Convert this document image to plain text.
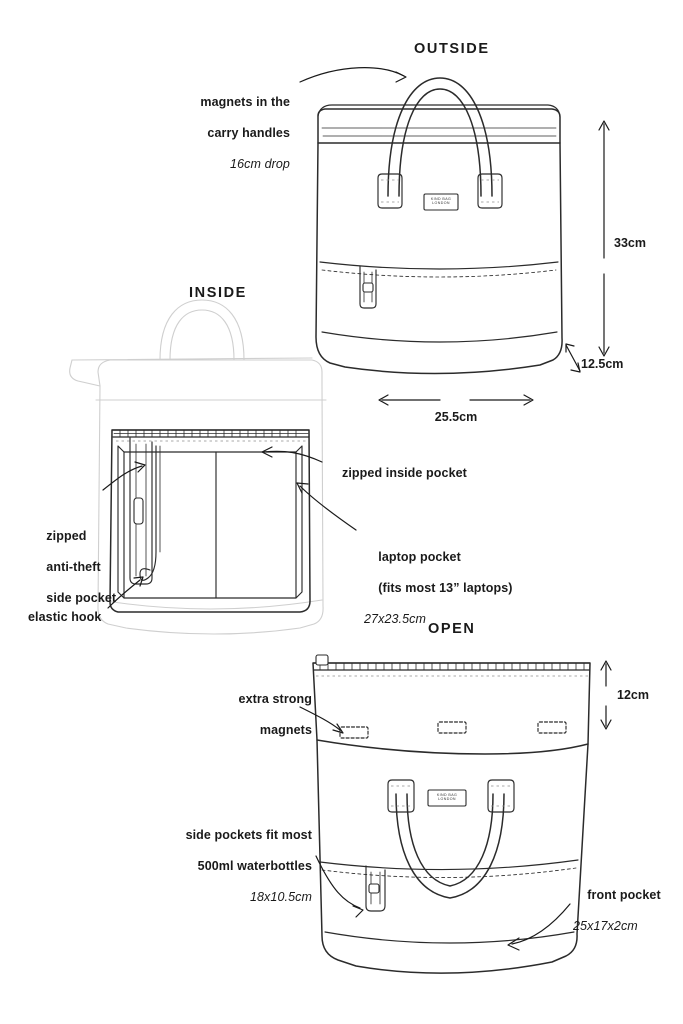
KIND BAG
LONDON
KIND BAG
LONDON
OUTSIDE
INSIDE
OPEN

magnets in the

carry handles

16cm drop

33cm
12.5cm
25.5cm
zipped inside pocket

laptop pocket

(fits most 13” laptops)

27x23.5cm

zipped

anti-theft

side pocket

elastic hook

extra strong

magnets

12cm

side pockets fit most

500ml waterbottles

18x10.5cm

	front pocket

25x17x2cm
